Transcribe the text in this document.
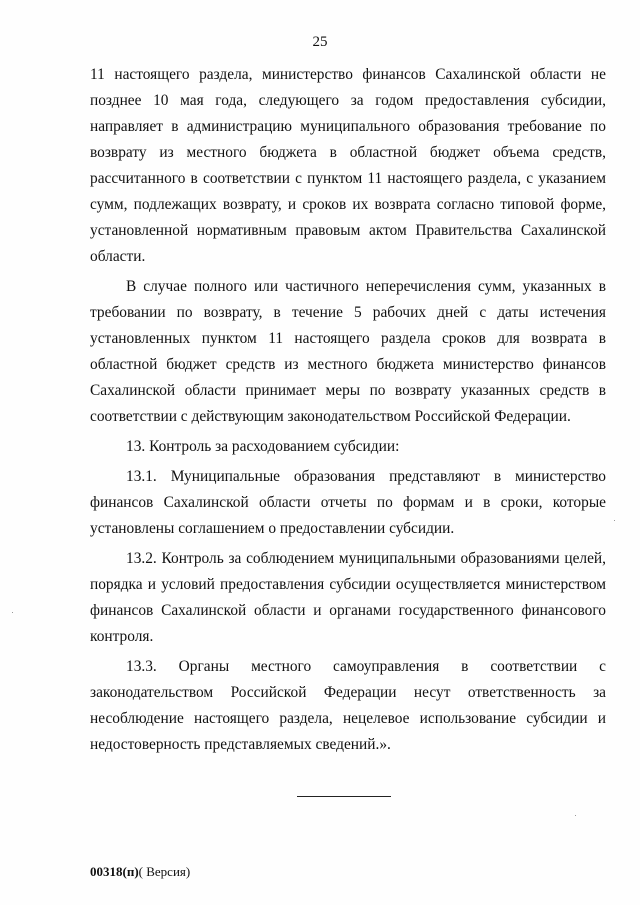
25

11 настоящего раздела, министерство финансов Сахалинской области не позднее 10 мая года, следующего за годом предоставления субсидии, направляет в администрацию муниципального образования требование по возврату из местного бюджета в областной бюджет объема средств, рассчитанного в соответствии с пунктом 11 настоящего раздела, с указанием сумм, подлежащих возврату, и сроков их возврата согласно типовой форме, установленной нормативным правовым актом Правительства Сахалинской области.

В случае полного или частичного неперечисления сумм, указанных в требовании по возврату, в течение 5 рабочих дней с даты истечения установленных пунктом 11 настоящего раздела сроков для возврата в областной бюджет средств из местного бюджета министерство финансов Сахалинской области принимает меры по возврату указанных средств в соответствии с действующим законодательством Российской Федерации.

13. Контроль за расходованием субсидии:

13.1. Муниципальные образования представляют в министерство финансов Сахалинской области отчеты по формам и в сроки, которые установлены соглашением о предоставлении субсидии.

13.2. Контроль за соблюдением муниципальными образованиями целей, порядка и условий предоставления субсидии осуществляется министерством финансов Сахалинской области и органами государственного финансового контроля.

13.3. Органы местного самоуправления в соответствии с законодательством Российской Федерации несут ответственность за несоблюдение настоящего раздела, нецелевое использование субсидии и недостоверность представляемых сведений.».

00318(п)( Версия)
